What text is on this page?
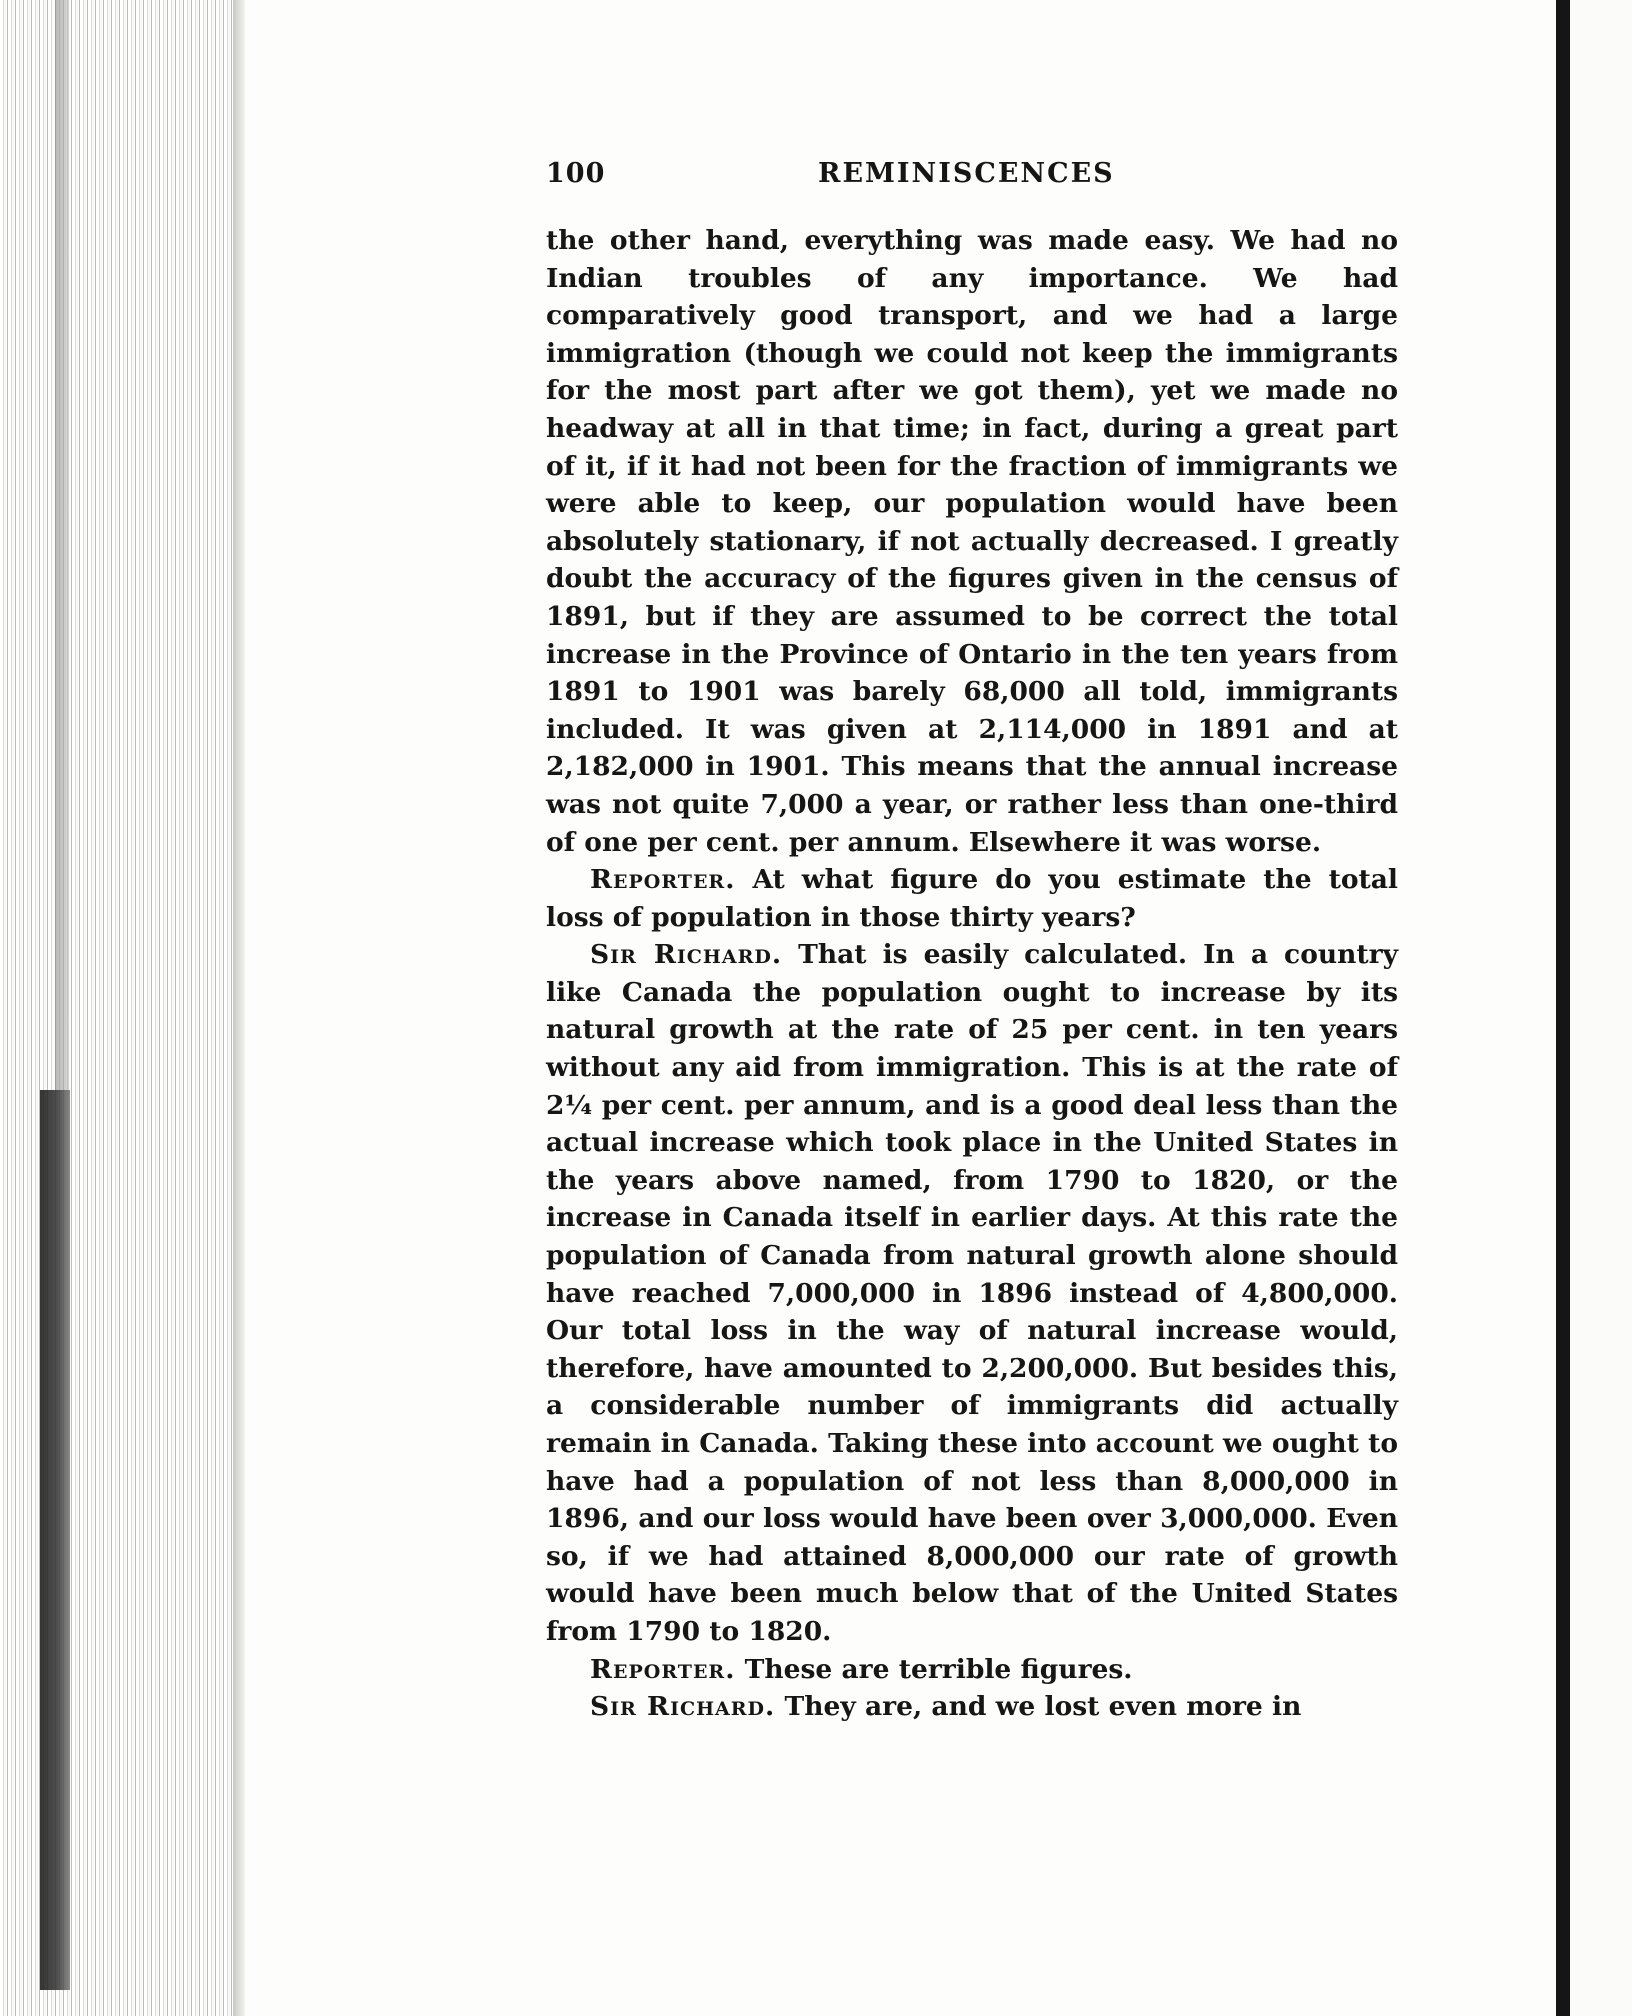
100	REMINISCENCES

the other hand, everything was made easy. We had no Indian troubles of any importance. We had comparatively good transport, and we had a large immigration (though we could not keep the immigrants for the most part after we got them), yet we made no headway at all in that time; in fact, during a great part of it, if it had not been for the fraction of immigrants we were able to keep, our population would have been absolutely stationary, if not actually decreased. I greatly doubt the accuracy of the figures given in the census of 1891, but if they are assumed to be correct the total increase in the Province of Ontario in the ten years from 1891 to 1901 was barely 68,000 all told, immigrants included. It was given at 2,114,000 in 1891 and at 2,182,000 in 1901. This means that the annual increase was not quite 7,000 a year, or rather less than one-third of one per cent. per annum. Elsewhere it was worse.

Reporter. At what figure do you estimate the total loss of population in those thirty years?

Sir Richard. That is easily calculated. In a country like Canada the population ought to increase by its natural growth at the rate of 25 per cent. in ten years without any aid from immigration. This is at the rate of 2¼ per cent. per annum, and is a good deal less than the actual increase which took place in the United States in the years above named, from 1790 to 1820, or the increase in Canada itself in earlier days. At this rate the population of Canada from natural growth alone should have reached 7,000,000 in 1896 instead of 4,800,000. Our total loss in the way of natural increase would, therefore, have amounted to 2,200,000. But besides this, a considerable number of immigrants did actually remain in Canada. Taking these into account we ought to have had a population of not less than 8,000,000 in 1896, and our loss would have been over 3,000,000. Even so, if we had attained 8,000,000 our rate of growth would have been much below that of the United States from 1790 to 1820.

Reporter. These are terrible figures.

Sir Richard. They are, and we lost even more in
